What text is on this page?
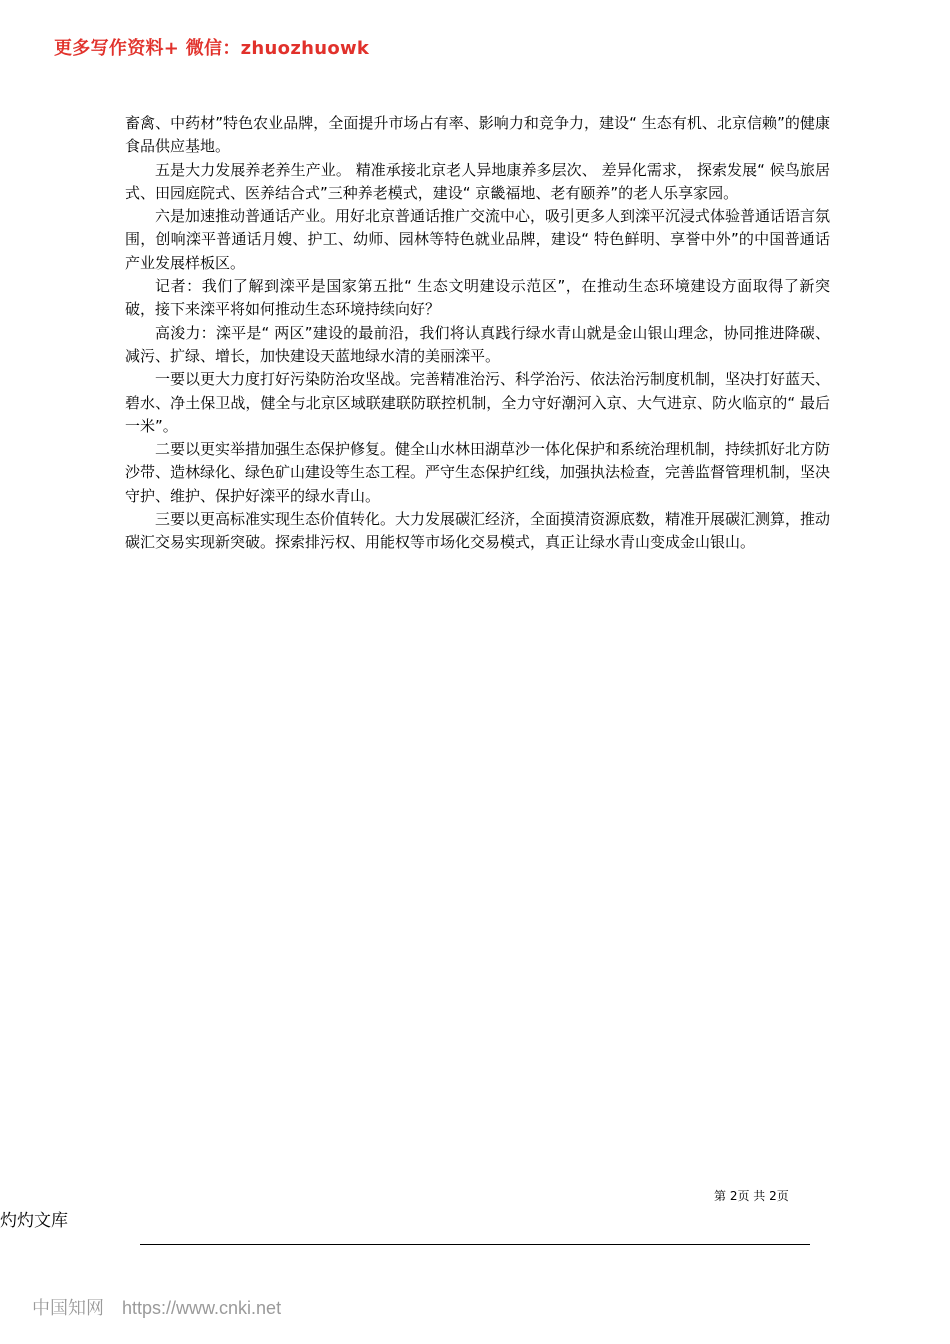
更多写作资料+ 微信：zhuozhuowk

畜禽、中药材”特色农业品牌，全面提升市场占有率、影响力和竞争力，建设“ 生态有机、北京信赖”的健康食品供应基地。

五是大力发展养老养生产业。 精准承接北京老人异地康养多层次、 差异化需求， 探索发展“ 候鸟旅居式、田园庭院式、医养结合式”三种养老模式，建设“ 京畿福地、老有颐养”的老人乐享家园。

六是加速推动普通话产业。用好北京普通话推广交流中心，吸引更多人到滦平沉浸式体验普通话语言氛围，创响滦平普通话月嫂、护工、幼师、园林等特色就业品牌，建设“ 特色鲜明、享誉中外”的中国普通话产业发展样板区。

记者：我们了解到滦平是国家第五批“ 生态文明建设示范区”，在推动生态环境建设方面取得了新突破，接下来滦平将如何推动生态环境持续向好？

高浚力：滦平是“ 两区”建设的最前沿，我们将认真践行绿水青山就是金山银山理念，协同推进降碳、减污、扩绿、增长，加快建设天蓝地绿水清的美丽滦平。

一要以更大力度打好污染防治攻坚战。完善精准治污、科学治污、依法治污制度机制，坚决打好蓝天、碧水、净土保卫战，健全与北京区域联建联防联控机制，全力守好潮河入京、大气进京、防火临京的“ 最后一米”。

二要以更实举措加强生态保护修复。健全山水林田湖草沙一体化保护和系统治理机制，持续抓好北方防沙带、造林绿化、绿色矿山建设等生态工程。严守生态保护红线，加强执法检查，完善监督管理机制，坚决守护、维护、保护好滦平的绿水青山。

三要以更高标准实现生态价值转化。大力发展碳汇经济，全面摸清资源底数，精准开展碳汇测算，推动碳汇交易实现新突破。探索排污权、用能权等市场化交易模式，真正让绿水青山变成金山银山。

第 2页 共 2页
灼灼文库
中国知网 https://www.cnki.net
